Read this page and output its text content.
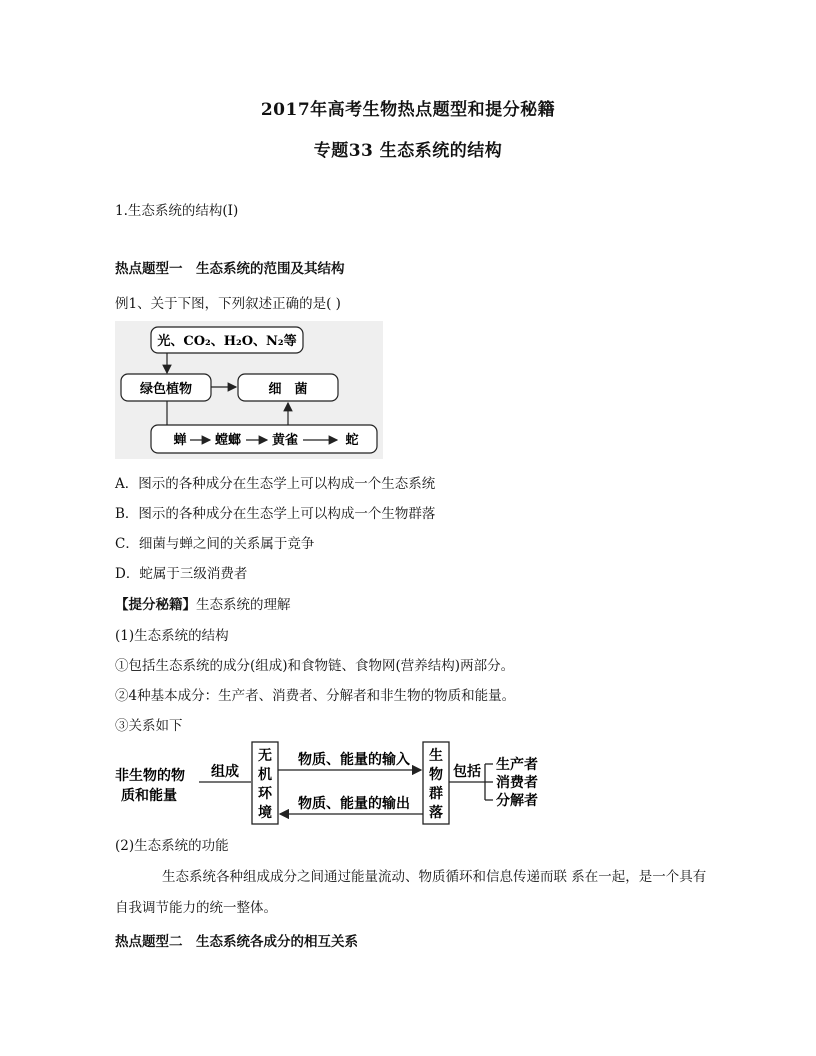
2017年高考生物热点题型和提分秘籍
专题33 生态系统的结构
1.生态系统的结构(Ⅰ)
热点题型一　生态系统的范围及其结构
例1、关于下图，下列叙述正确的是( )
光、CO₂、H₂O、N₂等
绿色植物	细　菌
蝉 螳螂 黄雀	蛇
A．图示的各种成分在生态学上可以构成一个生态系统
B．图示的各种成分在生态学上可以构成一个生物群落
C．细菌与蝉之间的关系属于竞争
D．蛇属于三级消费者
【提分秘籍】生态系统的理解
(1)生态系统的结构
①包括生态系统的成分(组成)和食物链、食物网(营养结构)两部分。
②4种基本成分：生产者、消费者、分解者和非生物的物质和能量。
③关系如下
非生物的物
质和能量
组成
无
机
环
境
物质、能量的输入
物质、能量的输出
生
物
群
落
包括 生产者
消费者
分解者
(2)生态系统的功能
生态系统各种组成成分之间通过能量流动、物质循环和信息传递而联 系在一起，是一个具有
自我调节能力的统一整体。
热点题型二　生态系统各成分的相互关系
